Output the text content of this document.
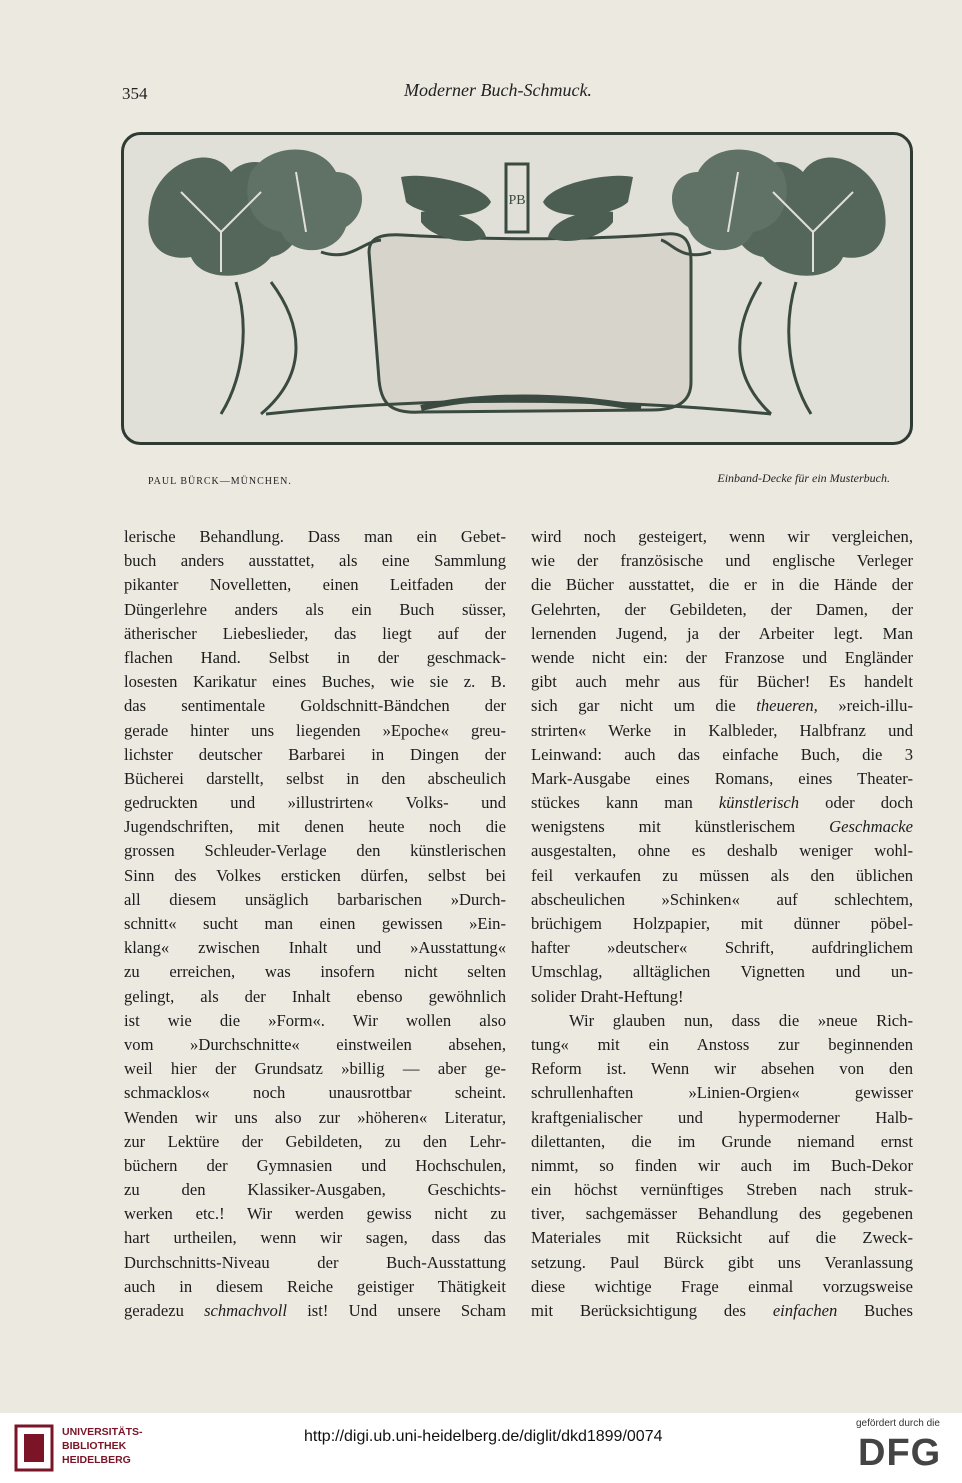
354	Moderner Buch-Schmuck.
PB
PAUL BÜRCK—MÜNCHEN.	Einband-Decke für ein Musterbuch.
lerische Behandlung. Dass man ein Gebet-
buch anders ausstattet, als eine Sammlung
pikanter Novelletten, einen Leitfaden der
Düngerlehre anders als ein Buch süsser,
ätherischer Liebeslieder, das liegt auf der
flachen Hand. Selbst in der geschmack-
losesten Karikatur eines Buches, wie sie z. B.
das sentimentale Goldschnitt-Bändchen der
gerade hinter uns liegenden »Epoche« greu-
lichster deutscher Barbarei in Dingen der
Bücherei darstellt, selbst in den abscheulich
gedruckten und »illustrirten« Volks- und
Jugendschriften, mit denen heute noch die
grossen Schleuder-Verlage den künstlerischen
Sinn des Volkes ersticken dürfen, selbst bei
all diesem unsäglich barbarischen »Durch-
schnitt« sucht man einen gewissen »Ein-
klang« zwischen Inhalt und »Ausstattung«
zu erreichen, was insofern nicht selten
gelingt, als der Inhalt ebenso gewöhnlich
ist wie die »Form«. Wir wollen also
vom »Durchschnitte« einstweilen absehen,
weil hier der Grundsatz »billig — aber ge-
schmacklos« noch unausrottbar scheint.
Wenden wir uns also zur »höheren« Literatur,
zur Lektüre der Gebildeten, zu den Lehr-
büchern der Gymnasien und Hochschulen,
zu den Klassiker-Ausgaben, Geschichts-
werken etc.! Wir werden gewiss nicht zu
hart urtheilen, wenn wir sagen, dass das
Durchschnitts-Niveau der Buch-Ausstattung
auch in diesem Reiche geistiger Thätigkeit
geradezu schmachvoll ist! Und unsere Scham
wird noch gesteigert, wenn wir vergleichen,
wie der französische und englische Verleger
die Bücher ausstattet, die er in die Hände der
Gelehrten, der Gebildeten, der Damen, der
lernenden Jugend, ja der Arbeiter legt. Man
wende nicht ein: der Franzose und Engländer
gibt auch mehr aus für Bücher! Es handelt
sich gar nicht um die theueren, »reich-illu-
strirten« Werke in Kalbleder, Halbfranz und
Leinwand: auch das einfache Buch, die 3
Mark-Ausgabe eines Romans, eines Theater-
stückes kann man künstlerisch oder doch
wenigstens mit künstlerischem Geschmacke
ausgestalten, ohne es deshalb weniger wohl-
feil verkaufen zu müssen als den üblichen
abscheulichen »Schinken« auf schlechtem,
brüchigem Holzpapier, mit dünner pöbel-
hafter »deutscher« Schrift, aufdringlichem
Umschlag, alltäglichen Vignetten und un-
solider Draht-Heftung!
Wir glauben nun, dass die »neue Rich-
tung« mit ein Anstoss zur beginnenden
Reform ist. Wenn wir absehen von den
schrullenhaften »Linien-Orgien« gewisser
kraftgenialischer und hypermoderner Halb-
dilettanten, die im Grunde niemand ernst
nimmt, so finden wir auch im Buch-Dekor
ein höchst vernünftiges Streben nach struk-
tiver, sachgemässer Behandlung des gegebenen
Materiales mit Rücksicht auf die Zweck-
setzung. Paul Bürck gibt uns Veranlassung
diese wichtige Frage einmal vorzugsweise
mit Berücksichtigung des einfachen Buches
UNIVERSITÄTS-
BIBLIOTHEK
HEIDELBERG
http://digi.ub.uni-heidelberg.de/diglit/dkd1899/0074
gefördert durch die
DFG
